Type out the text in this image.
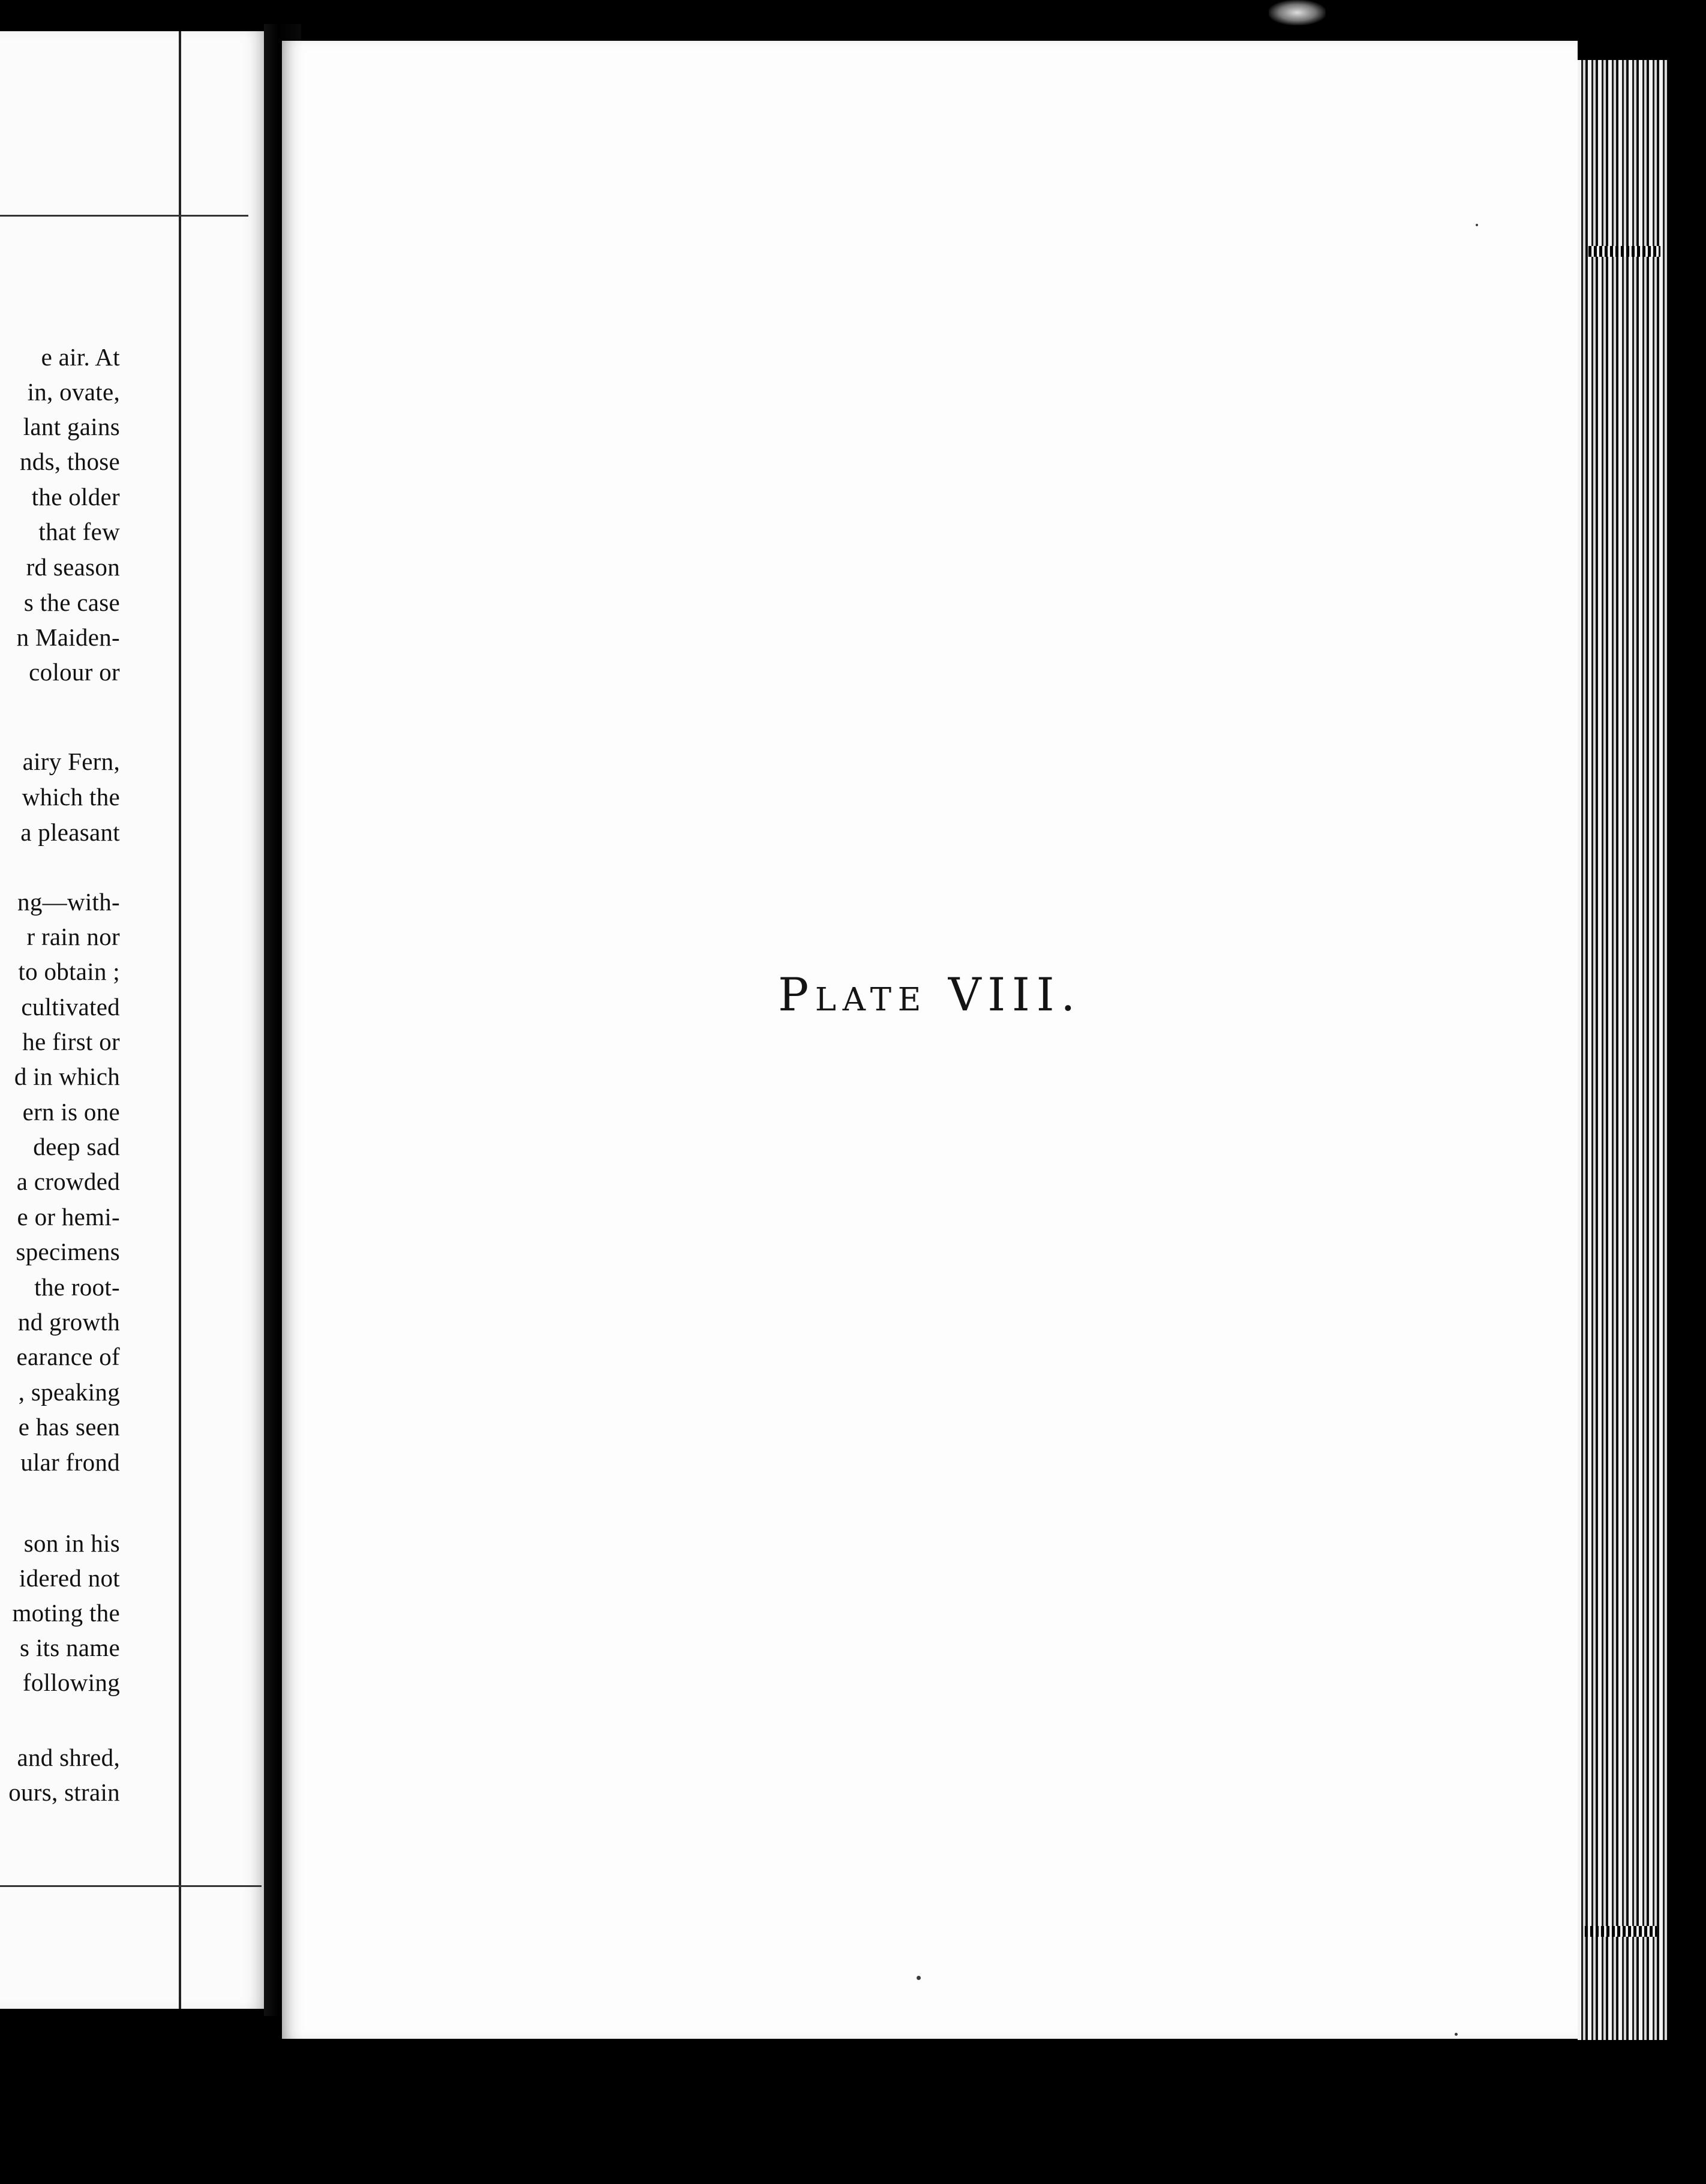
e air. At
in, ovate,
lant gains
nds, those
the older
that few
rd season
s the case
n Maiden-
colour or
airy Fern,
which the
a pleasant
ng—with-
r rain nor
to obtain ;
cultivated
he first or
d in which
ern is one
deep sad
a crowded
e or hemi-
specimens
the root-
nd growth
earance of
, speaking
e has seen
ular frond
son in his
idered not
moting the
s its name
following
and shred,
ours, strain
Plate VIII.
